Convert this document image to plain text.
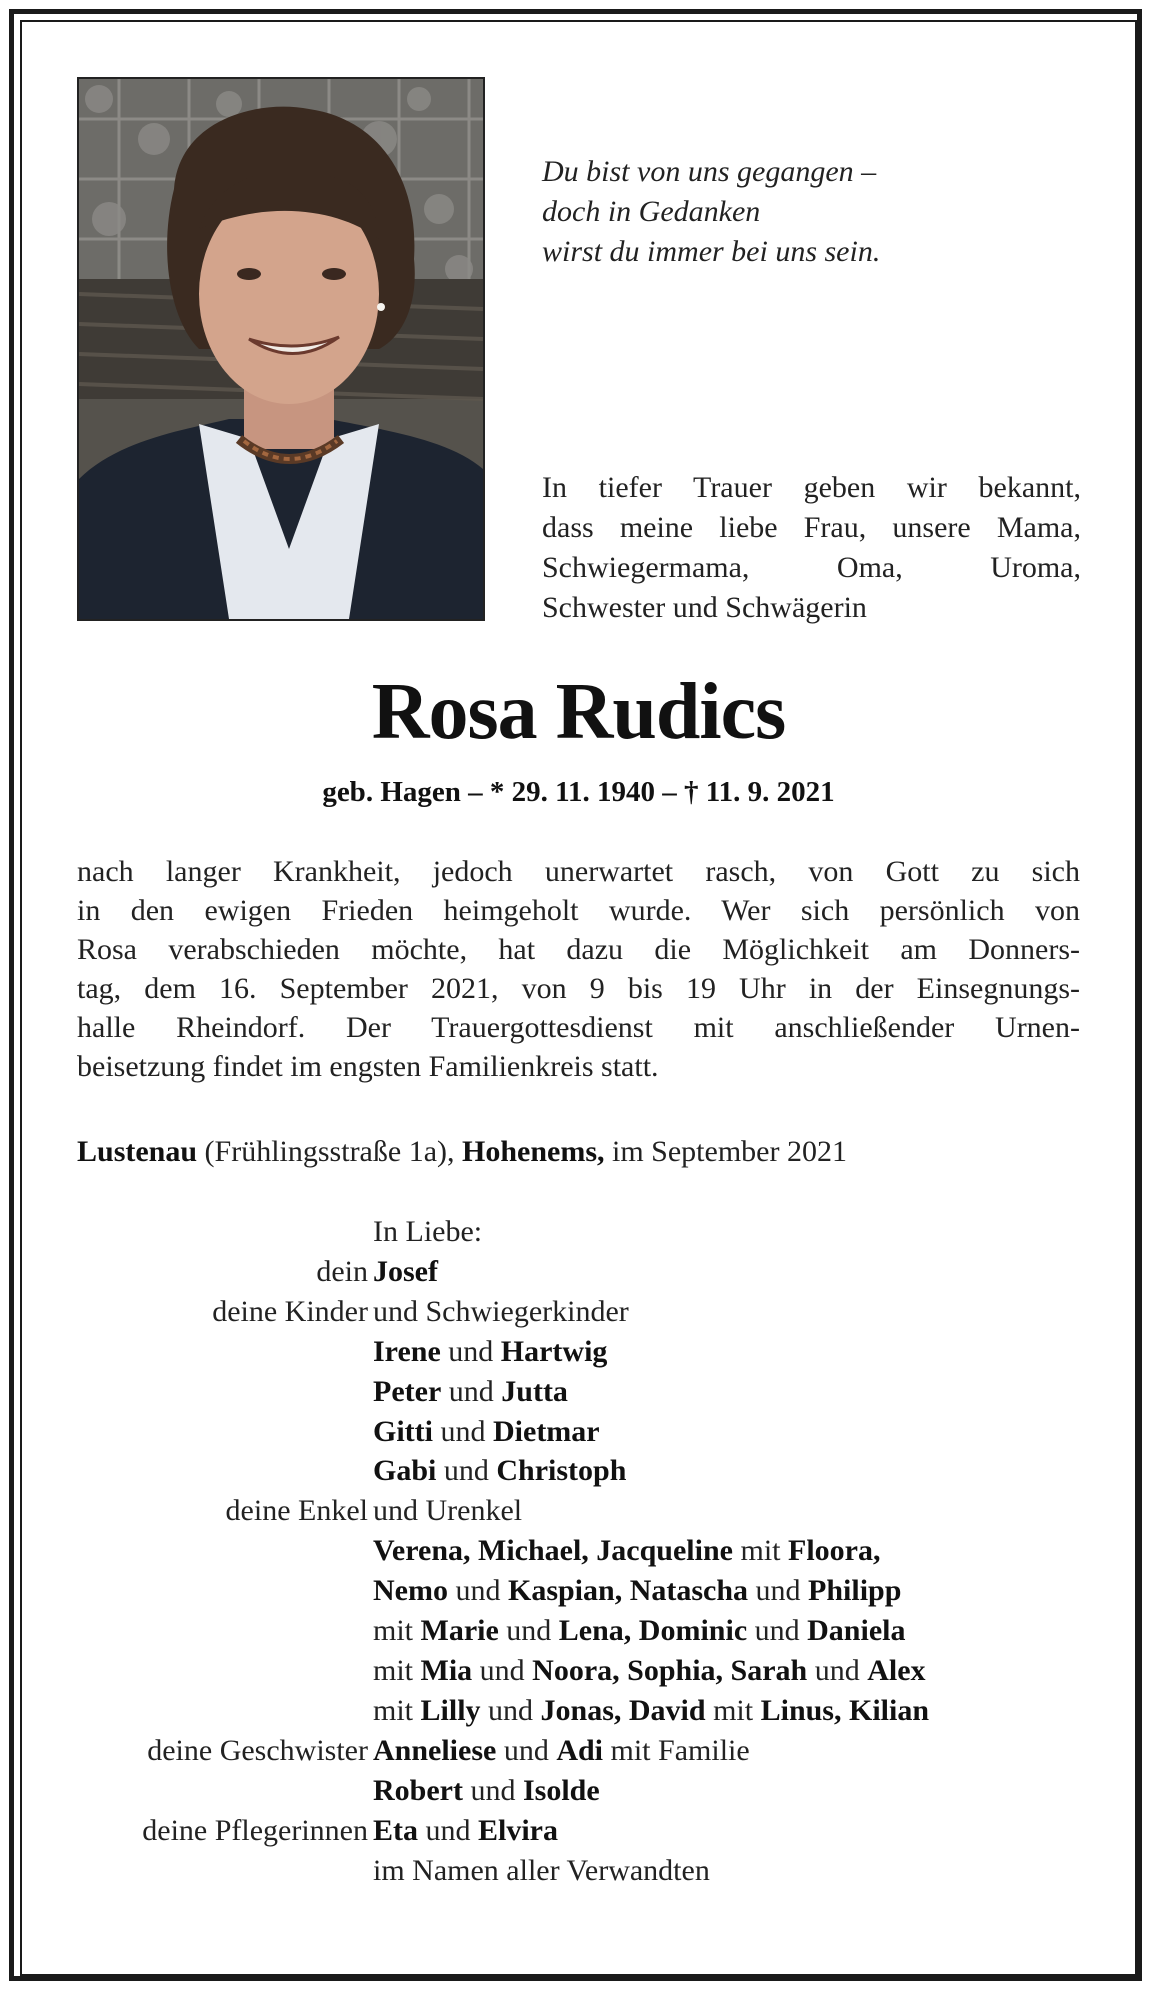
Du bist von uns gegangen –
doch in Gedanken
wirst du immer bei uns sein.
In tiefer Trauer geben wir bekannt,
dass meine liebe Frau, unsere Mama,
Schwiegermama, Oma, Uroma,
Schwester und Schwägerin
Rosa Rudics
geb. Hagen – * 29. 11. 1940 – † 11. 9. 2021
nach langer Krankheit, jedoch unerwartet rasch, von Gott zu sich
in den ewigen Frieden heimgeholt wurde. Wer sich persönlich von
Rosa verabschieden möchte, hat dazu die Möglichkeit am Donners-
tag, dem 16. September 2021, von 9 bis 19 Uhr in der Einsegnungs-
halle Rheindorf. Der Trauergottesdienst mit anschließender Urnen-
beisetzung findet im engsten Familienkreis statt.
Lustenau (Frühlingsstraße 1a), Hohenems, im September 2021
In Liebe:
dein Josef
deine Kinder und Schwiegerkinder
Irene und Hartwig
Peter und Jutta
Gitti und Dietmar
Gabi und Christoph
deine Enkel und Urenkel
Verena, Michael, Jacqueline mit Floora,
Nemo und Kaspian, Natascha und Philipp
mit Marie und Lena, Dominic und Daniela
mit Mia und Noora, Sophia, Sarah und Alex
mit Lilly und Jonas, David mit Linus, Kilian
deine Geschwister Anneliese und Adi mit Familie
Robert und Isolde
deine Pflegerinnen Eta und Elvira
im Namen aller Verwandten
